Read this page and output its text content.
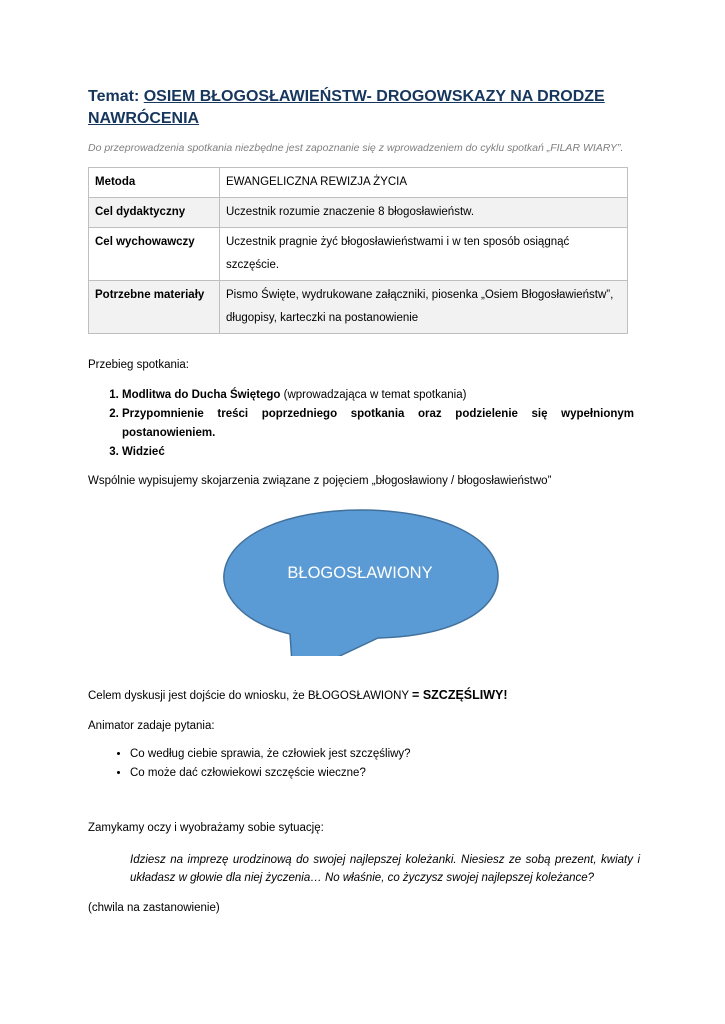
Temat: OSIEM BŁOGOSŁAWIEŃSTW- DROGOWSKAZY NA DRODZE NAWRÓCENIA
Do przeprowadzenia spotkania niezbędne jest zapoznanie się z wprowadzeniem do cyklu spotkań „FILAR WIARY”.
Metoda	EWANGELICZNA REWIZJA ŻYCIA
Cel dydaktyczny	Uczestnik rozumie znaczenie 8 błogosławieństw.
Cel wychowawczy	Uczestnik pragnie żyć błogosławieństwami i w ten sposób osiągnąć szczęście.
Potrzebne materiały	Pismo Święte, wydrukowane załączniki, piosenka „Osiem Błogosławieństw”, długopisy, karteczki na postanowienie

Przebieg spotkania:

1. Modlitwa do Ducha Świętego (wprowadzająca w temat spotkania)
2. Przypomnienie treści poprzedniego spotkania oraz podzielenie się wypełnionym postanowieniem.
3. Widzieć

Wspólnie wypisujemy skojarzenia związane z pojęciem „błogosławiony / błogosławieństwo”

BŁOGOSŁAWIONY

Celem dyskusji jest dojście do wniosku, że BŁOGOSŁAWIONY = SZCZĘŚLIWY!

Animator zadaje pytania:

• Co według ciebie sprawia, że człowiek jest szczęśliwy?
• Co może dać człowiekowi szczęście wieczne?

Zamykamy oczy i wyobrażamy sobie sytuację:

Idziesz na imprezę urodzinową do swojej najlepszej koleżanki. Niesiesz ze sobą prezent, kwiaty i układasz w głowie dla niej życzenia… No właśnie, co życzysz swojej najlepszej koleżance?

(chwila na zastanowienie)
